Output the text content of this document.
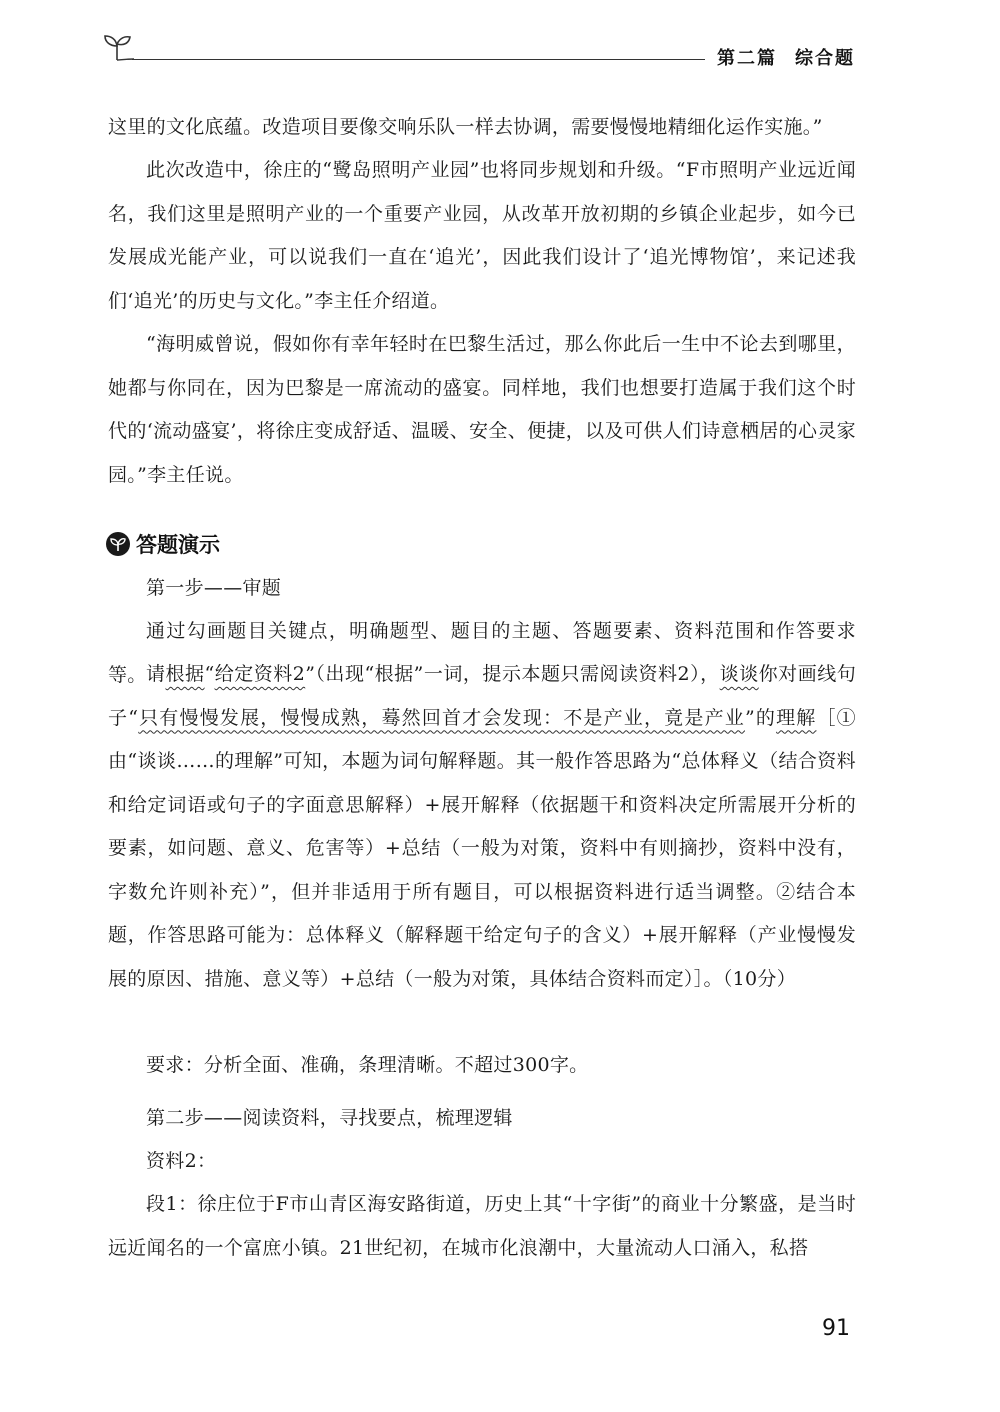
第二篇 综合题

这里的文化底蕴。改造项目要像交响乐队一样去协调，需要慢慢地精细化运作实施。”

此次改造中，徐庄的“鹭岛照明产业园”也将同步规划和升级。“F市照明产业远近闻名，我们这里是照明产业的一个重要产业园，从改革开放初期的乡镇企业起步，如今已发展成光能产业，可以说我们一直在‘追光’，因此我们设计了‘追光博物馆’，来记述我们‘追光’的历史与文化。”李主任介绍道。

“海明威曾说，假如你有幸年轻时在巴黎生活过，那么你此后一生中不论去到哪里，她都与你同在，因为巴黎是一席流动的盛宴。同样地，我们也想要打造属于我们这个时代的‘流动盛宴’，将徐庄变成舒适、温暖、安全、便捷，以及可供人们诗意栖居的心灵家园。”李主任说。

答题演示

第一步——审题

通过勾画题目关键点，明确题型、题目的主题、答题要素、资料范围和作答要求等。 请根据“给定资料2”（出现“根据”一词，提示本题只需阅读资料2），谈谈你对画线句子“只有慢慢发展，慢慢成熟，蓦然回首才会发现：不是产业，竟是产业”的理解［①由“谈谈……的理解”可知，本题为词句解释题。其一般作答思路为“总体释义（结合资料和给定词语或句子的字面意思解释）+展开解释（依据题干和资料决定所需展开分析的要素，如问题、意义、危害等）+总结（一般为对策，资料中有则摘抄，资料中没有，字数允许则补充）”，但并非适用于所有题目，可以根据资料进行适当调整。②结合本题，作答思路可能为：总体释义（解释题干给定句子的含义）+展开解释（产业慢慢发展的原因、措施、意义等）+总结（一般为对策，具体结合资料而定）］。（10分）

要求：分析全面、准确，条理清晰。不超过300字。

第二步——阅读资料，寻找要点，梳理逻辑

资料2：

段1：徐庄位于F市山青区海安路街道，历史上其“十字街”的商业十分繁盛，是当时远近闻名的一个富庶小镇。21世纪初，在城市化浪潮中，大量流动人口涌入，私搭

91
